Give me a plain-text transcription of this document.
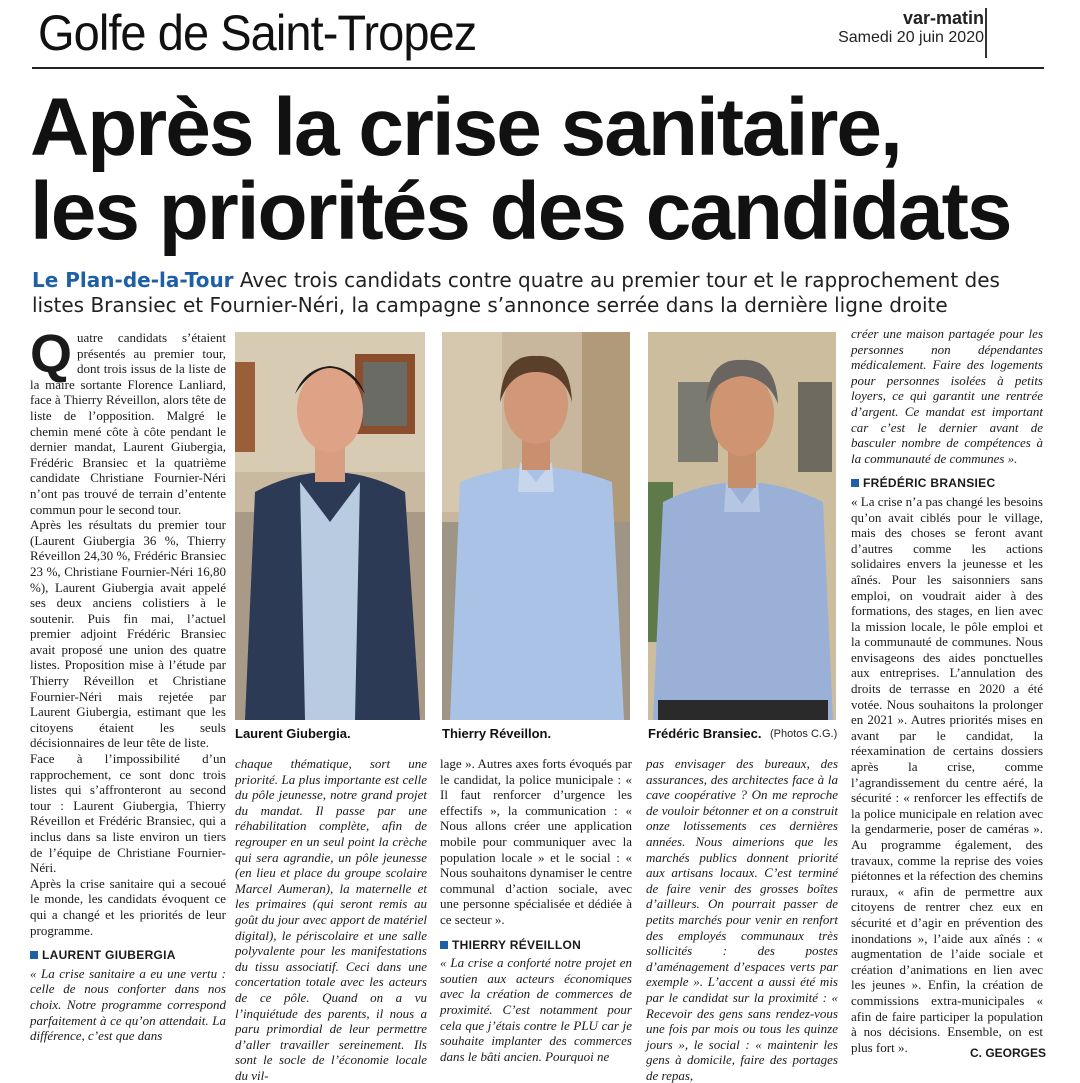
Golfe de Saint-Tropez	var-matin
Samedi 20 juin 2020
Après la crise sanitaire,
les priorités des candidats
Le Plan-de-la-Tour Avec trois candidats contre quatre au premier tour et le rapprochement des listes Bransiec et Fournier-Néri, la campagne s’annonce serrée dans la dernière ligne droite
Q uatre candidats s’étaient présentés au premier tour, dont trois issus de la liste de la maire sortante Florence Lanliard, face à Thierry Réveillon, alors tête de liste de l’opposition. Malgré le chemin mené côte à côte pendant le dernier mandat, Laurent Giubergia, Frédéric Bransiec et la quatrième candidate Christiane Fournier-Néri n’ont pas trouvé de terrain d’entente commun pour le second tour.

Après les résultats du premier tour (Laurent Giubergia 36 %, Thierry Réveillon 24,30 %, Frédéric Bransiec 23 %, Christiane Fournier-Néri 16,80 %), Laurent Giubergia avait appelé ses deux anciens colistiers à le soutenir. Puis fin mai, l’actuel premier adjoint Frédéric Bransiec avait proposé une union des quatre listes. Proposition mise à l’étude par Thierry Réveillon et Christiane Fournier-Néri mais rejetée par Laurent Giubergia, estimant que les citoyens étaient les seuls décisionnaires de leur tête de liste.

Face à l’impossibilité d’un rapprochement, ce sont donc trois listes qui s’affronteront au second tour : Laurent Giubergia, Thierry Réveillon et Frédéric Bransiec, qui a inclus dans sa liste environ un tiers de l’équipe de Christiane Fournier-Néri.

Après la crise sanitaire qui a secoué le monde, les candidats évoquent ce qui a changé et les priorités de leur programme.

LAURENT GIUBERGIA

« La crise sanitaire a eu une vertu : celle de nous conforter dans nos choix. Notre programme correspond parfaitement à ce qu’on attendait. La différence, c’est que dans

Laurent Giubergia.	Thierry Réveillon.	Frédéric Bransiec. (Photos C.G.)

chaque thématique, sort une priorité. La plus importante est celle du pôle jeunesse, notre grand projet du mandat. Il passe par une réhabilitation complète, afin de regrouper en un seul point la crèche qui sera agrandie, un pôle jeunesse (en lieu et place du groupe scolaire Marcel Aumeran), la maternelle et les primaires (qui seront remis au goût du jour avec apport de matériel digital), le périscolaire et une salle polyvalente pour les manifestations du tissu associatif. Ceci dans une concertation totale avec les acteurs de ce pôle. Quand on a vu l’inquiétude des parents, il nous a paru primordial de leur permettre d’aller travailler sereinement. Ils sont le socle de l’économie locale du vil-

lage ». Autres axes forts évoqués par le candidat, la police municipale : « Il faut renforcer d’urgence les effectifs », la communication : « Nous allons créer une application mobile pour communiquer avec la population locale » et le social : « Nous souhaitons dynamiser le centre communal d’action sociale, avec une personne spécialisée et dédiée à ce secteur ».

THIERRY RÉVEILLON

« La crise a conforté notre projet en soutien aux acteurs économiques avec la création de commerces de proximité. C’est notamment pour cela que j’étais contre le PLU car je souhaite implanter des commerces dans le bâti ancien. Pourquoi ne

pas envisager des bureaux, des assurances, des architectes face à la cave coopérative ? On me reproche de vouloir bétonner et on a construit onze lotissements ces dernières années. Nous aimerions que les marchés publics donnent priorité aux artisans locaux. C’est terminé de faire venir des grosses boîtes d’ailleurs. On pourrait passer de petits marchés pour venir en renfort des employés communaux très sollicités : des postes d’aménagement d’espaces verts par exemple ». L’accent a aussi été mis par le candidat sur la proximité : « Recevoir des gens sans rendez-vous une fois par mois ou tous les quinze jours », le social : « maintenir les gens à domicile, faire des portages de repas,

créer une maison partagée pour les personnes non dépendantes médicalement. Faire des logements pour personnes isolées à petits loyers, ce qui garantit une rentrée d’argent. Ce mandat est important car c’est le dernier avant de basculer nombre de compétences à la communauté de communes ».

FRÉDÉRIC BRANSIEC

« La crise n’a pas changé les besoins qu’on avait ciblés pour le village, mais des choses se feront avant d’autres comme les actions solidaires envers la jeunesse et les aînés. Pour les saisonniers sans emploi, on voudrait aider à des formations, des stages, en lien avec la mission locale, le pôle emploi et la communauté de communes. Nous envisageons des aides ponctuelles aux entreprises. L’annulation des droits de terrasse en 2020 a été votée. Nous souhaitons la prolonger en 2021 ». Autres priorités mises en avant par le candidat, la réexamination de certains dossiers après la crise, comme l’agrandissement du centre aéré, la sécurité : « renforcer les effectifs de la police municipale en relation avec la gendarmerie, poser de caméras ». Au programme également, des travaux, comme la reprise des voies piétonnes et la réfection des chemins ruraux, « afin de permettre aux citoyens de rentrer chez eux en sécurité et d’agir en prévention des inondations », l’aide aux aînés : « augmentation de l’aide sociale et création d’animations en lien avec les jeunes ». Enfin, la création de commissions extra-municipales « afin de faire participer la population à nos décisions. Ensemble, on est plus fort ».	C. GEORGES
